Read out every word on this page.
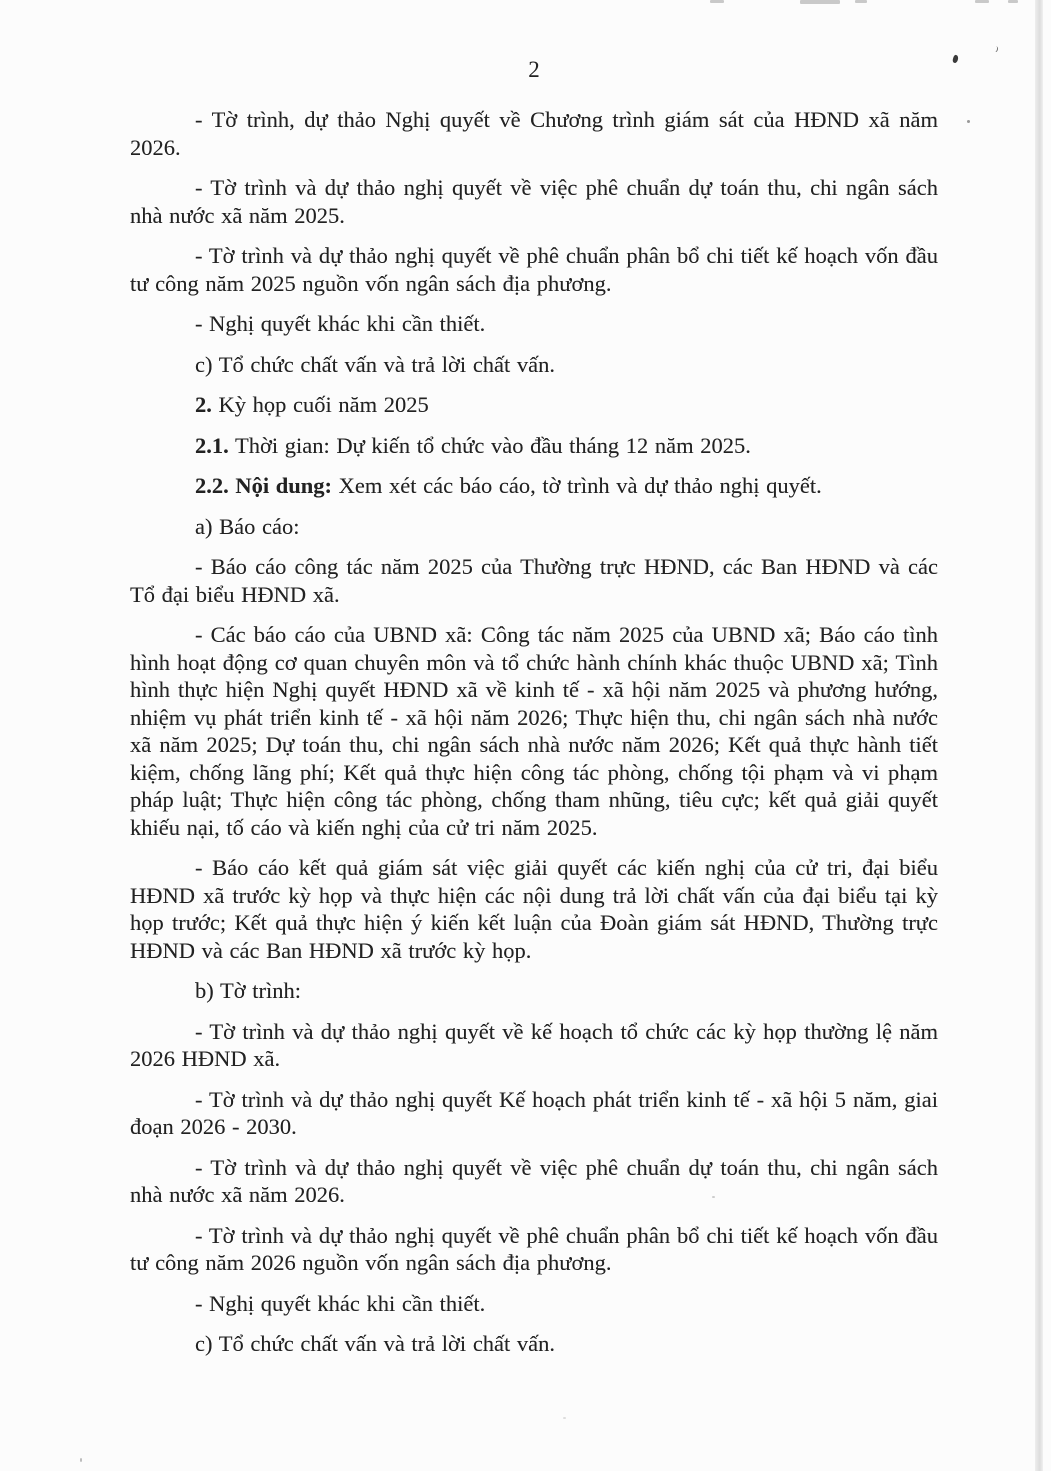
2

- Tờ trình, dự thảo Nghị quyết về Chương trình giám sát của HĐND xã năm 2026.

- Tờ trình và dự thảo nghị quyết về việc phê chuẩn dự toán thu, chi ngân sách nhà nước xã năm 2025.

- Tờ trình và dự thảo nghị quyết về phê chuẩn phân bổ chi tiết kế hoạch vốn đầu tư công năm 2025 nguồn vốn ngân sách địa phương.

- Nghị quyết khác khi cần thiết.

c) Tổ chức chất vấn và trả lời chất vấn.

2. Kỳ họp cuối năm 2025

2.1. Thời gian: Dự kiến tổ chức vào đầu tháng 12 năm 2025.

2.2. Nội dung: Xem xét các báo cáo, tờ trình và dự thảo nghị quyết.

a) Báo cáo:

- Báo cáo công tác năm 2025 của Thường trực HĐND, các Ban HĐND và các Tổ đại biểu HĐND xã.

- Các báo cáo của UBND xã: Công tác năm 2025 của UBND xã; Báo cáo tình hình hoạt động cơ quan chuyên môn và tổ chức hành chính khác thuộc UBND xã; Tình hình thực hiện Nghị quyết HĐND xã về kinh tế - xã hội năm 2025 và phương hướng, nhiệm vụ phát triển kinh tế - xã hội năm 2026; Thực hiện thu, chi ngân sách nhà nước xã năm 2025; Dự toán thu, chi ngân sách nhà nước năm 2026; Kết quả thực hành tiết kiệm, chống lãng phí; Kết quả thực hiện công tác phòng, chống tội phạm và vi phạm pháp luật; Thực hiện công tác phòng, chống tham nhũng, tiêu cực; kết quả giải quyết khiếu nại, tố cáo và kiến nghị của cử tri năm 2025.

- Báo cáo kết quả giám sát việc giải quyết các kiến nghị của cử tri, đại biểu HĐND xã trước kỳ họp và thực hiện các nội dung trả lời chất vấn của đại biểu tại kỳ họp trước; Kết quả thực hiện ý kiến kết luận của Đoàn giám sát HĐND, Thường trực HĐND và các Ban HĐND xã trước kỳ họp.

b) Tờ trình:

- Tờ trình và dự thảo nghị quyết về kế hoạch tổ chức các kỳ họp thường lệ năm 2026 HĐND xã.

- Tờ trình và dự thảo nghị quyết Kế hoạch phát triển kinh tế - xã hội 5 năm, giai đoạn 2026 - 2030.

- Tờ trình và dự thảo nghị quyết về việc phê chuẩn dự toán thu, chi ngân sách nhà nước xã năm 2026.

- Tờ trình và dự thảo nghị quyết về phê chuẩn phân bổ chi tiết kế hoạch vốn đầu tư công năm 2026 nguồn vốn ngân sách địa phương.

- Nghị quyết khác khi cần thiết.

c) Tổ chức chất vấn và trả lời chất vấn.
